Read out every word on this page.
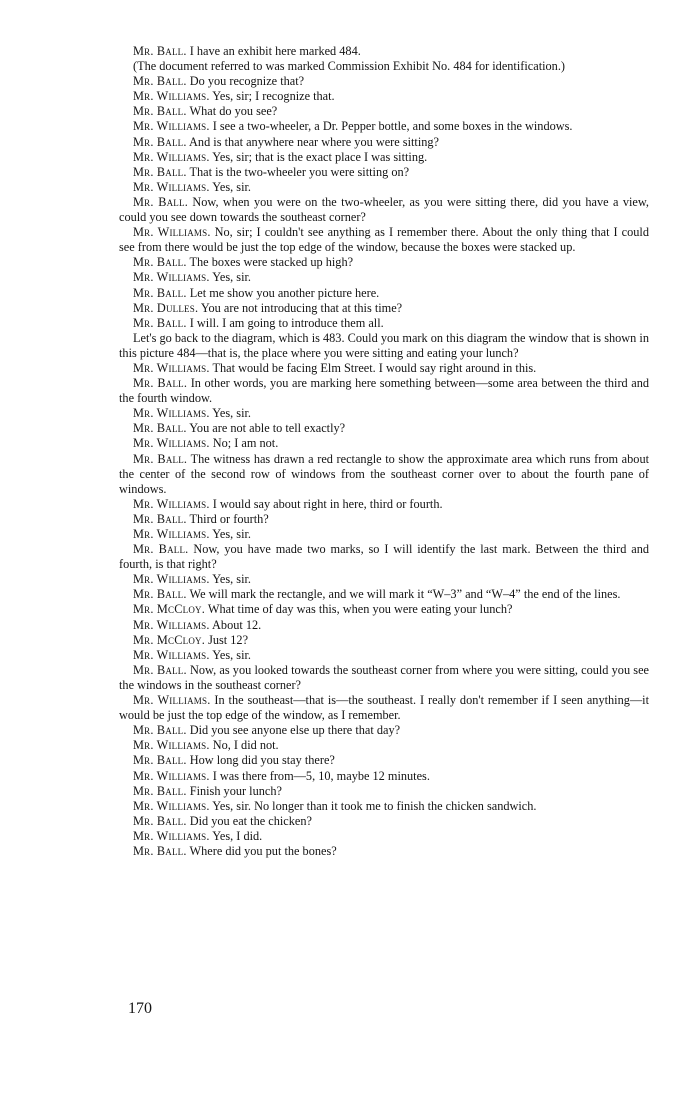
Mr. Ball. I have an exhibit here marked 484.

(The document referred to was marked Commission Exhibit No. 484 for identification.)

Mr. Ball. Do you recognize that?

Mr. Williams. Yes, sir; I recognize that.

Mr. Ball. What do you see?

Mr. Williams. I see a two-wheeler, a Dr. Pepper bottle, and some boxes in the windows.

Mr. Ball. And is that anywhere near where you were sitting?

Mr. Williams. Yes, sir; that is the exact place I was sitting.

Mr. Ball. That is the two-wheeler you were sitting on?

Mr. Williams. Yes, sir.

Mr. Ball. Now, when you were on the two-wheeler, as you were sitting there, did you have a view, could you see down towards the southeast corner?

Mr. Williams. No, sir; I couldn't see anything as I remember there. About the only thing that I could see from there would be just the top edge of the window, because the boxes were stacked up.

Mr. Ball. The boxes were stacked up high?

Mr. Williams. Yes, sir.

Mr. Ball. Let me show you another picture here.

Mr. Dulles. You are not introducing that at this time?

Mr. Ball. I will. I am going to introduce them all.

Let's go back to the diagram, which is 483. Could you mark on this diagram the window that is shown in this picture 484—that is, the place where you were sitting and eating your lunch?

Mr. Williams. That would be facing Elm Street. I would say right around in this.

Mr. Ball. In other words, you are marking here something between—some area between the third and the fourth window.

Mr. Williams. Yes, sir.

Mr. Ball. You are not able to tell exactly?

Mr. Williams. No; I am not.

Mr. Ball. The witness has drawn a red rectangle to show the approximate area which runs from about the center of the second row of windows from the southeast corner over to about the fourth pane of windows.

Mr. Williams. I would say about right in here, third or fourth.

Mr. Ball. Third or fourth?

Mr. Williams. Yes, sir.

Mr. Ball. Now, you have made two marks, so I will identify the last mark. Between the third and fourth, is that right?

Mr. Williams. Yes, sir.

Mr. Ball. We will mark the rectangle, and we will mark it “W–3” and “W–4” the end of the lines.

Mr. McCloy. What time of day was this, when you were eating your lunch?

Mr. Williams. About 12.

Mr. McCloy. Just 12?

Mr. Williams. Yes, sir.

Mr. Ball. Now, as you looked towards the southeast corner from where you were sitting, could you see the windows in the southeast corner?

Mr. Williams. In the southeast—that is—the southeast. I really don't remember if I seen anything—it would be just the top edge of the window, as I remember.

Mr. Ball. Did you see anyone else up there that day?

Mr. Williams. No, I did not.

Mr. Ball. How long did you stay there?

Mr. Williams. I was there from—5, 10, maybe 12 minutes.

Mr. Ball. Finish your lunch?

Mr. Williams. Yes, sir. No longer than it took me to finish the chicken sandwich.

Mr. Ball. Did you eat the chicken?

Mr. Williams. Yes, I did.

Mr. Ball. Where did you put the bones?

170
